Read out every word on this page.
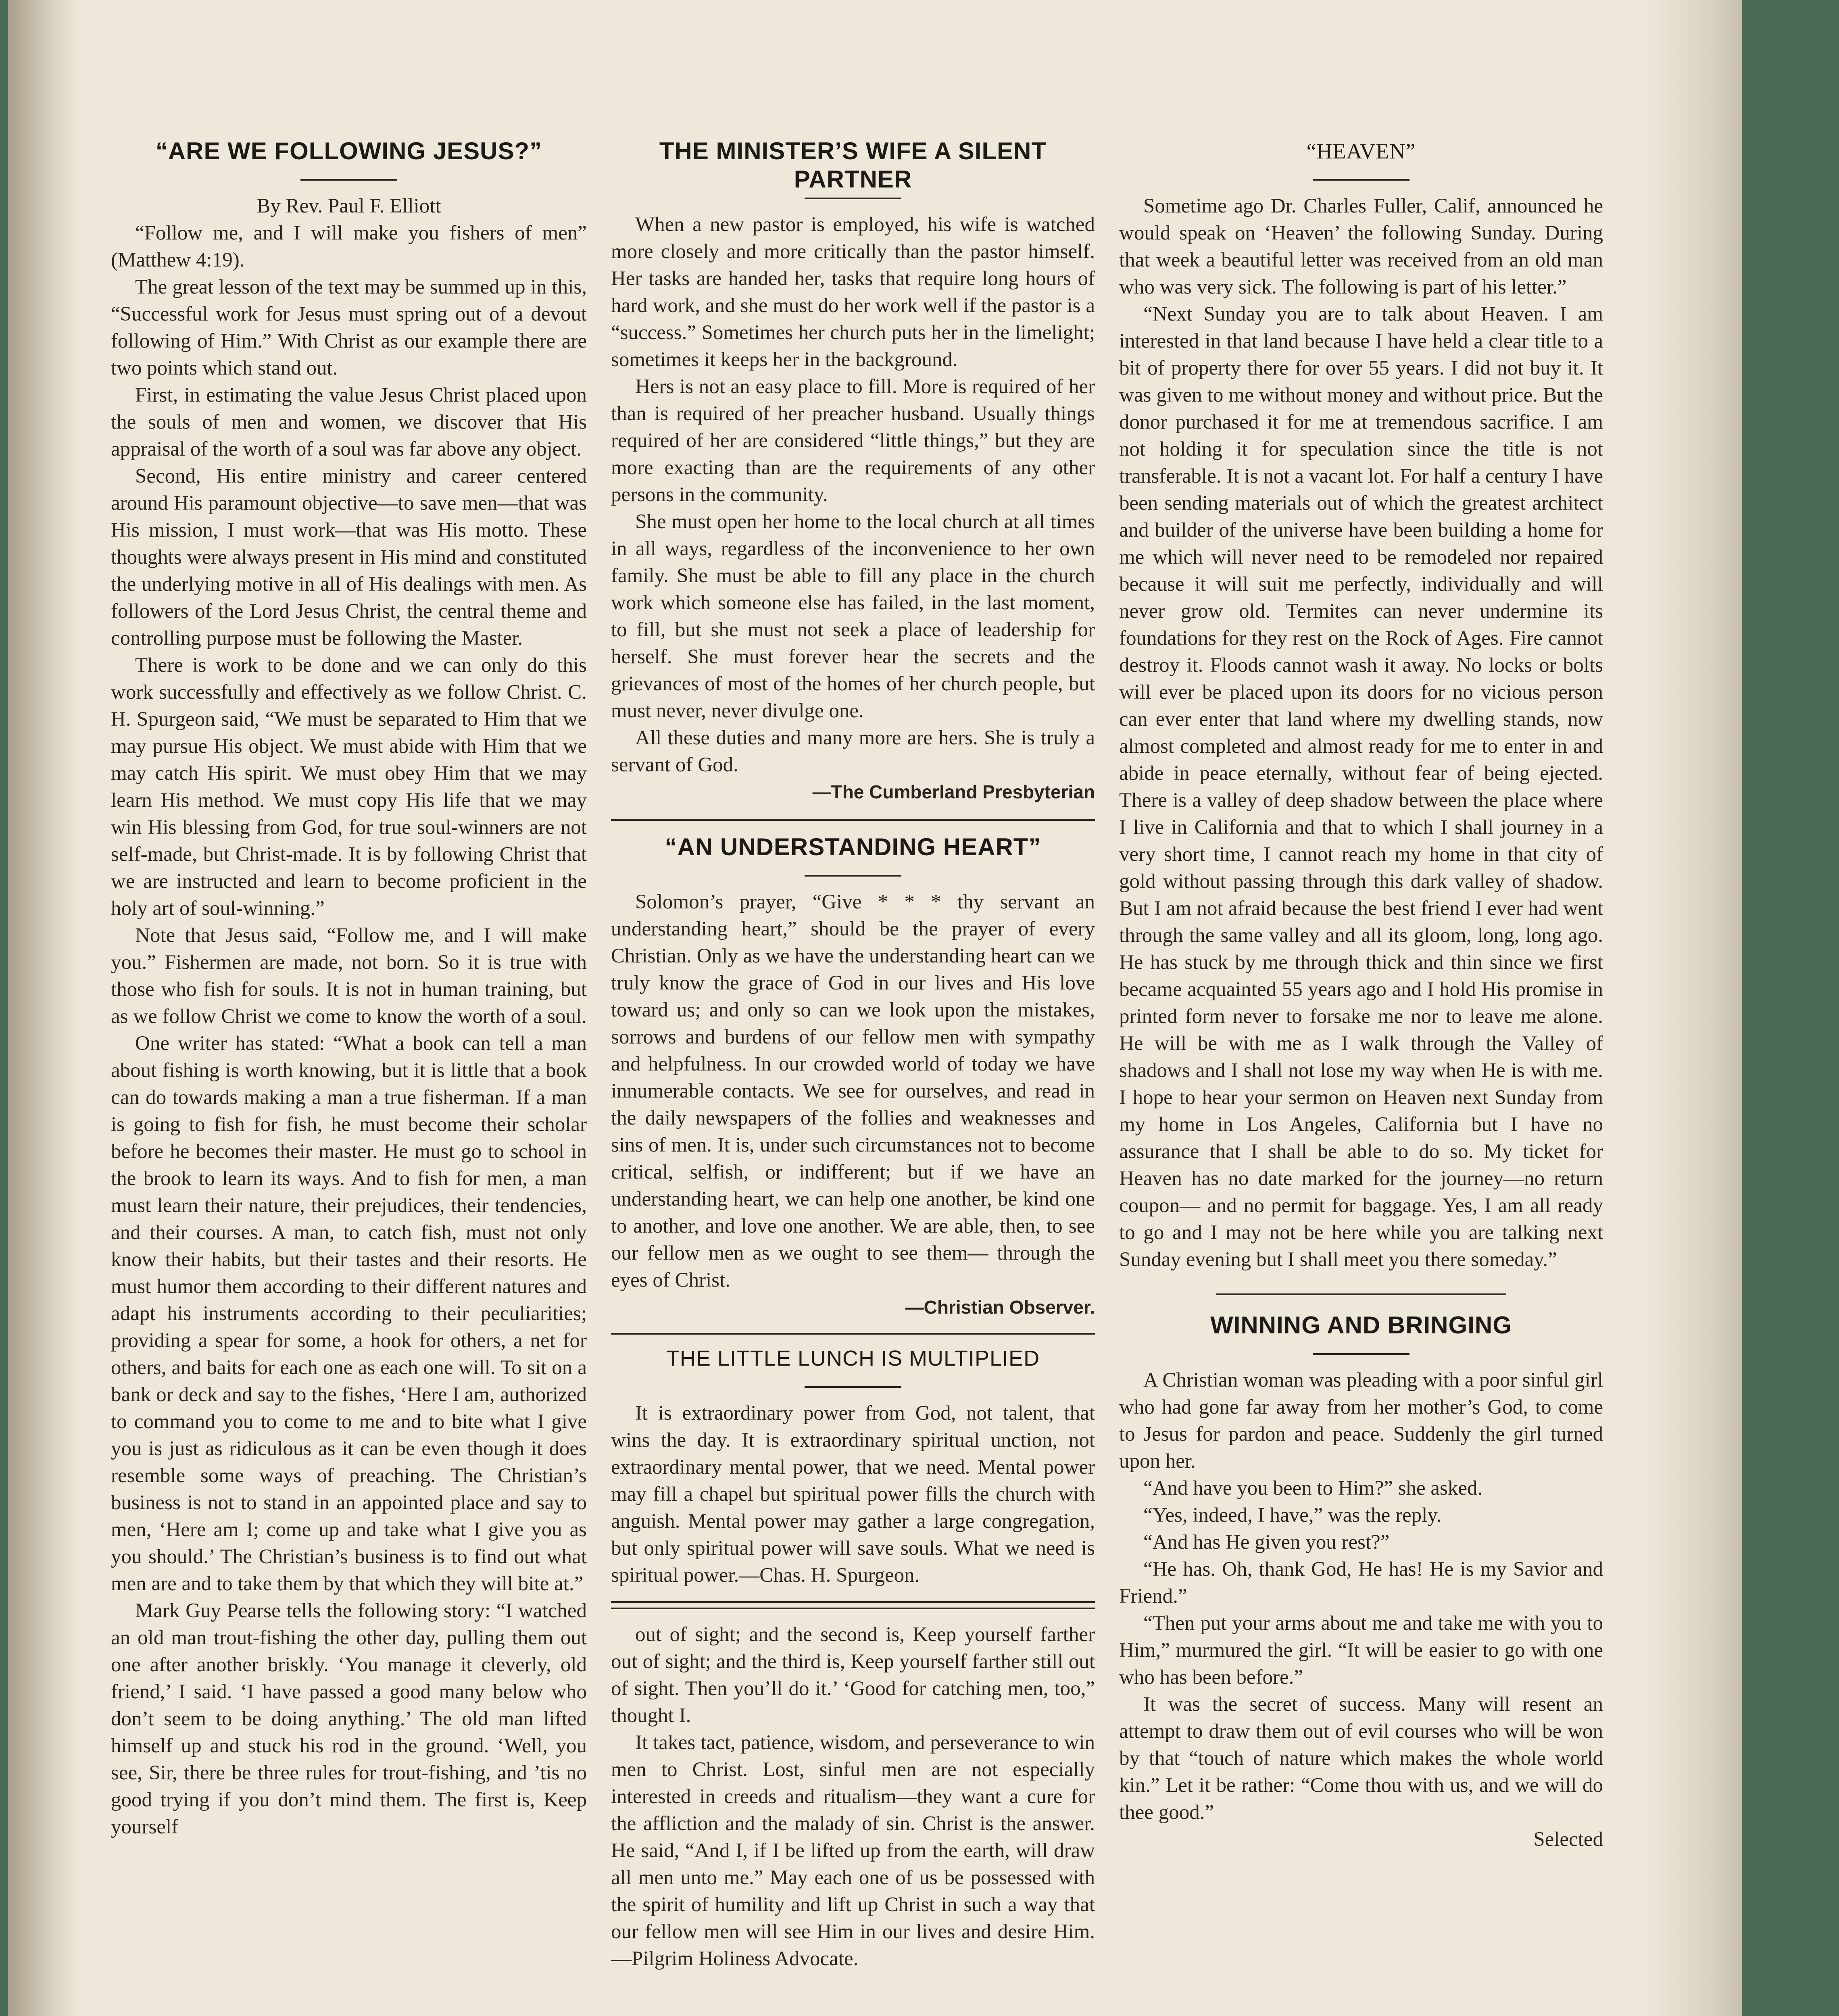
“ARE WE FOLLOWING JESUS?”

By Rev. Paul F. Elliott

“Follow me, and I will make you fishers of men” (Matthew 4:19).

The great lesson of the text may be summed up in this, “Successful work for Jesus must spring out of a devout following of Him.” With Christ as our example there are two points which stand out.

First, in estimating the value Jesus Christ placed upon the souls of men and women, we discover that His appraisal of the worth of a soul was far above any object.

Second, His entire ministry and career centered around His paramount objective—to save men—that was His mission, I must work—that was His motto. These thoughts were always present in His mind and constituted the underlying motive in all of His dealings with men. As followers of the Lord Jesus Christ, the central theme and controlling purpose must be following the Master.

There is work to be done and we can only do this work successfully and effectively as we follow Christ. C. H. Spurgeon said, “We must be separated to Him that we may pursue His object. We must abide with Him that we may catch His spirit. We must obey Him that we may learn His method. We must copy His life that we may win His blessing from God, for true soul-winners are not self-made, but Christ-made. It is by following Christ that we are instructed and learn to become proficient in the holy art of soul-winning.”

Note that Jesus said, “Follow me, and I will make you.” Fishermen are made, not born. So it is true with those who fish for souls. It is not in human training, but as we follow Christ we come to know the worth of a soul.

One writer has stated: “What a book can tell a man about fishing is worth knowing, but it is little that a book can do towards making a man a true fisherman. If a man is going to fish for fish, he must become their scholar before he becomes their master. He must go to school in the brook to learn its ways. And to fish for men, a man must learn their nature, their prejudices, their tendencies, and their courses. A man, to catch fish, must not only know their habits, but their tastes and their resorts. He must humor them according to their different natures and adapt his instruments according to their peculiarities; providing a spear for some, a hook for others, a net for others, and baits for each one as each one will. To sit on a bank or deck and say to the fishes, ‘Here I am, authorized to command you to come to me and to bite what I give you is just as ridiculous as it can be even though it does resemble some ways of preaching. The Christian’s business is not to stand in an appointed place and say to men, ‘Here am I; come up and take what I give you as you should.’ The Christian’s business is to find out what men are and to take them by that which they will bite at.”

Mark Guy Pearse tells the following story: “I watched an old man trout-fishing the other day, pulling them out one after another briskly. ‘You manage it cleverly, old friend,’ I said. ‘I have passed a good many below who don’t seem to be doing anything.’ The old man lifted himself up and stuck his rod in the ground. ‘Well, you see, Sir, there be three rules for trout-fishing, and ’tis no good trying if you don’t mind them. The first is, Keep yourself

THE MINISTER’S WIFE A SILENT PARTNER

When a new pastor is employed, his wife is watched more closely and more critically than the pastor himself. Her tasks are handed her, tasks that require long hours of hard work, and she must do her work well if the pastor is a “success.” Sometimes her church puts her in the limelight; sometimes it keeps her in the background.

Hers is not an easy place to fill. More is required of her than is required of her preacher husband. Usually things required of her are considered “little things,” but they are more exacting than are the requirements of any other persons in the community.

She must open her home to the local church at all times in all ways, regardless of the inconvenience to her own family. She must be able to fill any place in the church work which someone else has failed, in the last moment, to fill, but she must not seek a place of leadership for herself. She must forever hear the secrets and the grievances of most of the homes of her church people, but must never, never divulge one.

All these duties and many more are hers. She is truly a servant of God.

—The Cumberland Presbyterian

“AN UNDERSTANDING HEART”

Solomon’s prayer, “Give * * * thy servant an understanding heart,” should be the prayer of every Christian. Only as we have the understanding heart can we truly know the grace of God in our lives and His love toward us; and only so can we look upon the mistakes, sorrows and burdens of our fellow men with sympathy and helpfulness. In our crowded world of today we have innumerable contacts. We see for ourselves, and read in the daily newspapers of the follies and weaknesses and sins of men. It is, under such circumstances not to become critical, selfish, or indifferent; but if we have an understanding heart, we can help one another, be kind one to another, and love one another. We are able, then, to see our fellow men as we ought to see them— through the eyes of Christ.

—Christian Observer.

THE LITTLE LUNCH IS MULTIPLIED

It is extraordinary power from God, not talent, that wins the day. It is extraordinary spiritual unction, not extraordinary mental power, that we need. Mental power may fill a chapel but spiritual power fills the church with anguish. Mental power may gather a large congregation, but only spiritual power will save souls. What we need is spiritual power.—Chas. H. Spurgeon.

out of sight; and the second is, Keep yourself farther out of sight; and the third is, Keep yourself farther still out of sight. Then you’ll do it.’ ‘Good for catching men, too,” thought I.

It takes tact, patience, wisdom, and perseverance to win men to Christ. Lost, sinful men are not especially interested in creeds and ritualism—they want a cure for the affliction and the malady of sin. Christ is the answer. He said, “And I, if I be lifted up from the earth, will draw all men unto me.” May each one of us be possessed with the spirit of humility and lift up Christ in such a way that our fellow men will see Him in our lives and desire Him.—Pilgrim Holiness Advocate.

“HEAVEN”

Sometime ago Dr. Charles Fuller, Calif, announced he would speak on ‘Heaven’ the following Sunday. During that week a beautiful letter was received from an old man who was very sick. The following is part of his letter.”

“Next Sunday you are to talk about Heaven. I am interested in that land because I have held a clear title to a bit of property there for over 55 years. I did not buy it. It was given to me without money and without price. But the donor purchased it for me at tremendous sacrifice. I am not holding it for speculation since the title is not transferable. It is not a vacant lot. For half a century I have been sending materials out of which the greatest architect and builder of the universe have been building a home for me which will never need to be remodeled nor repaired because it will suit me perfectly, individually and will never grow old. Termites can never undermine its foundations for they rest on the Rock of Ages. Fire cannot destroy it. Floods cannot wash it away. No locks or bolts will ever be placed upon its doors for no vicious person can ever enter that land where my dwelling stands, now almost completed and almost ready for me to enter in and abide in peace eternally, without fear of being ejected. There is a valley of deep shadow between the place where I live in California and that to which I shall journey in a very short time, I cannot reach my home in that city of gold without passing through this dark valley of shadow. But I am not afraid because the best friend I ever had went through the same valley and all its gloom, long, long ago. He has stuck by me through thick and thin since we first became acquainted 55 years ago and I hold His promise in printed form never to forsake me nor to leave me alone. He will be with me as I walk through the Valley of shadows and I shall not lose my way when He is with me. I hope to hear your sermon on Heaven next Sunday from my home in Los Angeles, California but I have no assurance that I shall be able to do so. My ticket for Heaven has no date marked for the journey—no return coupon— and no permit for baggage. Yes, I am all ready to go and I may not be here while you are talking next Sunday evening but I shall meet you there someday.”

WINNING AND BRINGING

A Christian woman was pleading with a poor sinful girl who had gone far away from her mother’s God, to come to Jesus for pardon and peace. Suddenly the girl turned upon her.

“And have you been to Him?” she asked.

“Yes, indeed, I have,” was the reply.

“And has He given you rest?”

“He has. Oh, thank God, He has! He is my Savior and Friend.”

“Then put your arms about me and take me with you to Him,” murmured the girl. “It will be easier to go with one who has been before.”

It was the secret of success. Many will resent an attempt to draw them out of evil courses who will be won by that “touch of nature which makes the whole world kin.” Let it be rather: “Come thou with us, and we will do thee good.”

Selected
